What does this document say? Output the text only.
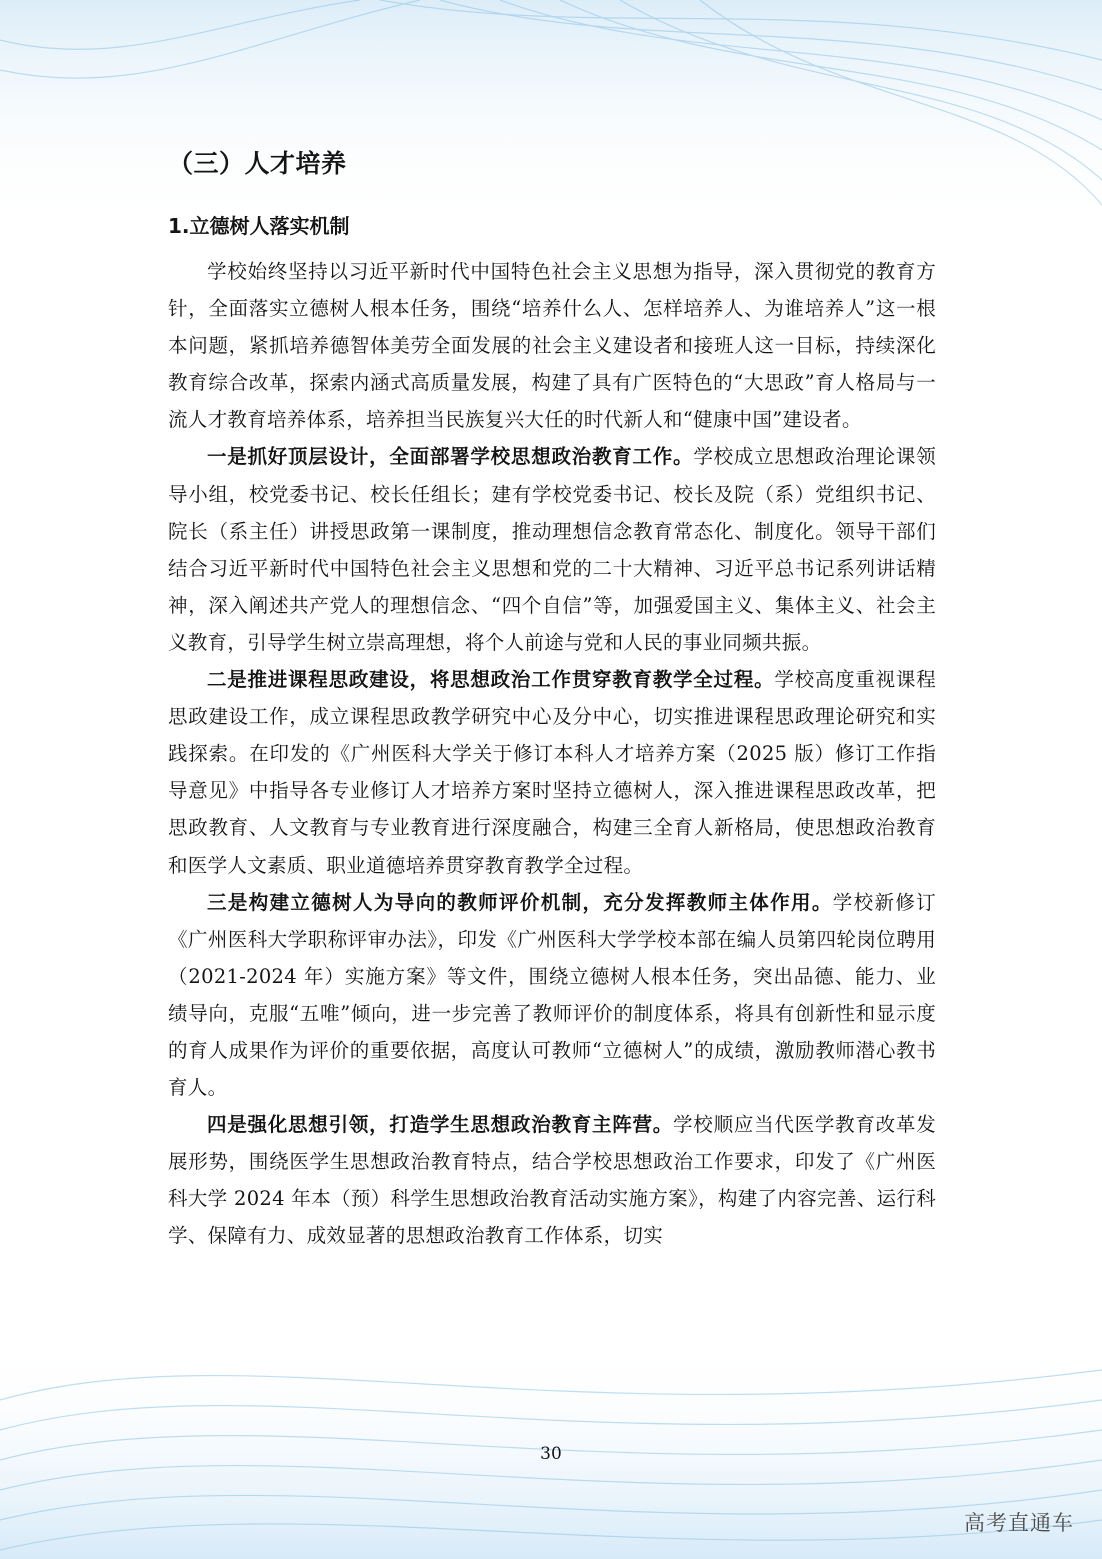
（三）人才培养
1.立德树人落实机制

学校始终坚持以习近平新时代中国特色社会主义思想为指导，深入贯彻党的教育方针，全面落实立德树人根本任务，围绕“培养什么人、怎样培养人、为谁培养人”这一根本问题，紧抓培养德智体美劳全面发展的社会主义建设者和接班人这一目标，持续深化教育综合改革，探索内涵式高质量发展，构建了具有广医特色的“大思政”育人格局与一流人才教育培养体系，培养担当民族复兴大任的时代新人和“健康中国”建设者。

一是抓好顶层设计，全面部署学校思想政治教育工作。学校成立思想政治理论课领导小组，校党委书记、校长任组长；建有学校党委书记、校长及院（系）党组织书记、院长（系主任）讲授思政第一课制度，推动理想信念教育常态化、制度化。领导干部们结合习近平新时代中国特色社会主义思想和党的二十大精神、习近平总书记系列讲话精神，深入阐述共产党人的理想信念、“四个自信”等，加强爱国主义、集体主义、社会主义教育，引导学生树立崇高理想，将个人前途与党和人民的事业同频共振。

二是推进课程思政建设，将思想政治工作贯穿教育教学全过程。学校高度重视课程思政建设工作，成立课程思政教学研究中心及分中心，切实推进课程思政理论研究和实践探索。在印发的《广州医科大学关于修订本科人才培养方案（2025 版）修订工作指导意见》中指导各专业修订人才培养方案时坚持立德树人，深入推进课程思政改革，把思政教育、人文教育与专业教育进行深度融合，构建三全育人新格局，使思想政治教育和医学人文素质、职业道德培养贯穿教育教学全过程。

三是构建立德树人为导向的教师评价机制，充分发挥教师主体作用。学校新修订《广州医科大学职称评审办法》，印发《广州医科大学学校本部在编人员第四轮岗位聘用（2021-2024 年）实施方案》等文件，围绕立德树人根本任务，突出品德、能力、业绩导向，克服“五唯”倾向，进一步完善了教师评价的制度体系，将具有创新性和显示度的育人成果作为评价的重要依据，高度认可教师“立德树人”的成绩，激励教师潜心教书育人。

四是强化思想引领，打造学生思想政治教育主阵营。学校顺应当代医学教育改革发展形势，围绕医学生思想政治教育特点，结合学校思想政治工作要求，印发了《广州医科大学 2024 年本（预）科学生思想政治教育活动实施方案》，构建了内容完善、运行科学、保障有力、成效显著的思想政治教育工作体系，切实

30
高考直通车
